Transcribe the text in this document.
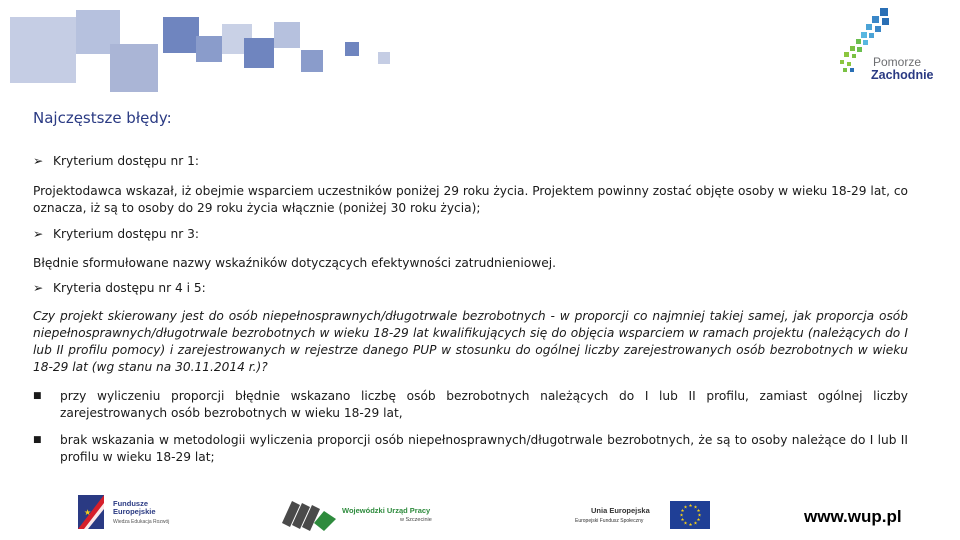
Pomorze
Zachodnie
Najczęstsze błędy:
➢ Kryterium dostępu nr 1:
Projektodawca wskazał, iż obejmie wsparciem uczestników poniżej 29 roku życia. Projektem powinny zostać objęte osoby w wieku 18-29 lat, co oznacza, iż są to osoby do 29 roku życia włącznie (poniżej 30 roku życia);
➢ Kryterium dostępu nr 3:
Błędnie sformułowane nazwy wskaźników dotyczących efektywności zatrudnieniowej.
➢ Kryteria dostępu nr 4 i 5:
Czy projekt skierowany jest do osób niepełnosprawnych/długotrwale bezrobotnych - w proporcji co najmniej takiej samej, jak proporcja osób niepełnosprawnych/długotrwale bezrobotnych w wieku 18-29 lat kwalifikujących się do objęcia wsparciem w ramach projektu (należących do I lub II profilu pomocy) i zarejestrowanych w rejestrze danego PUP w stosunku do ogólnej liczby zarejestrowanych osób bezrobotnych w wieku 18-29 lat (wg stanu na 30.11.2014 r.)?
■ przy wyliczeniu proporcji błędnie wskazano liczbę osób bezrobotnych należących do I lub II profilu, zamiast ogólnej liczby zarejestrowanych osób bezrobotnych w wieku 18-29 lat,
■ brak wskazania w metodologii wyliczenia proporcji osób niepełnosprawnych/długotrwale bezrobotnych, że są to osoby należące do I lub II profilu w wieku 18-29 lat;
★
Fundusze
Europejskie
Wiedza Edukacja Rozwój
Wojewódzki Urząd Pracy
w Szczecinie
Unia Europejska
Europejski Fundusz Społeczny
★ ★
★
★
★
★
★
★
★
★
★
★	www.wup.pl
